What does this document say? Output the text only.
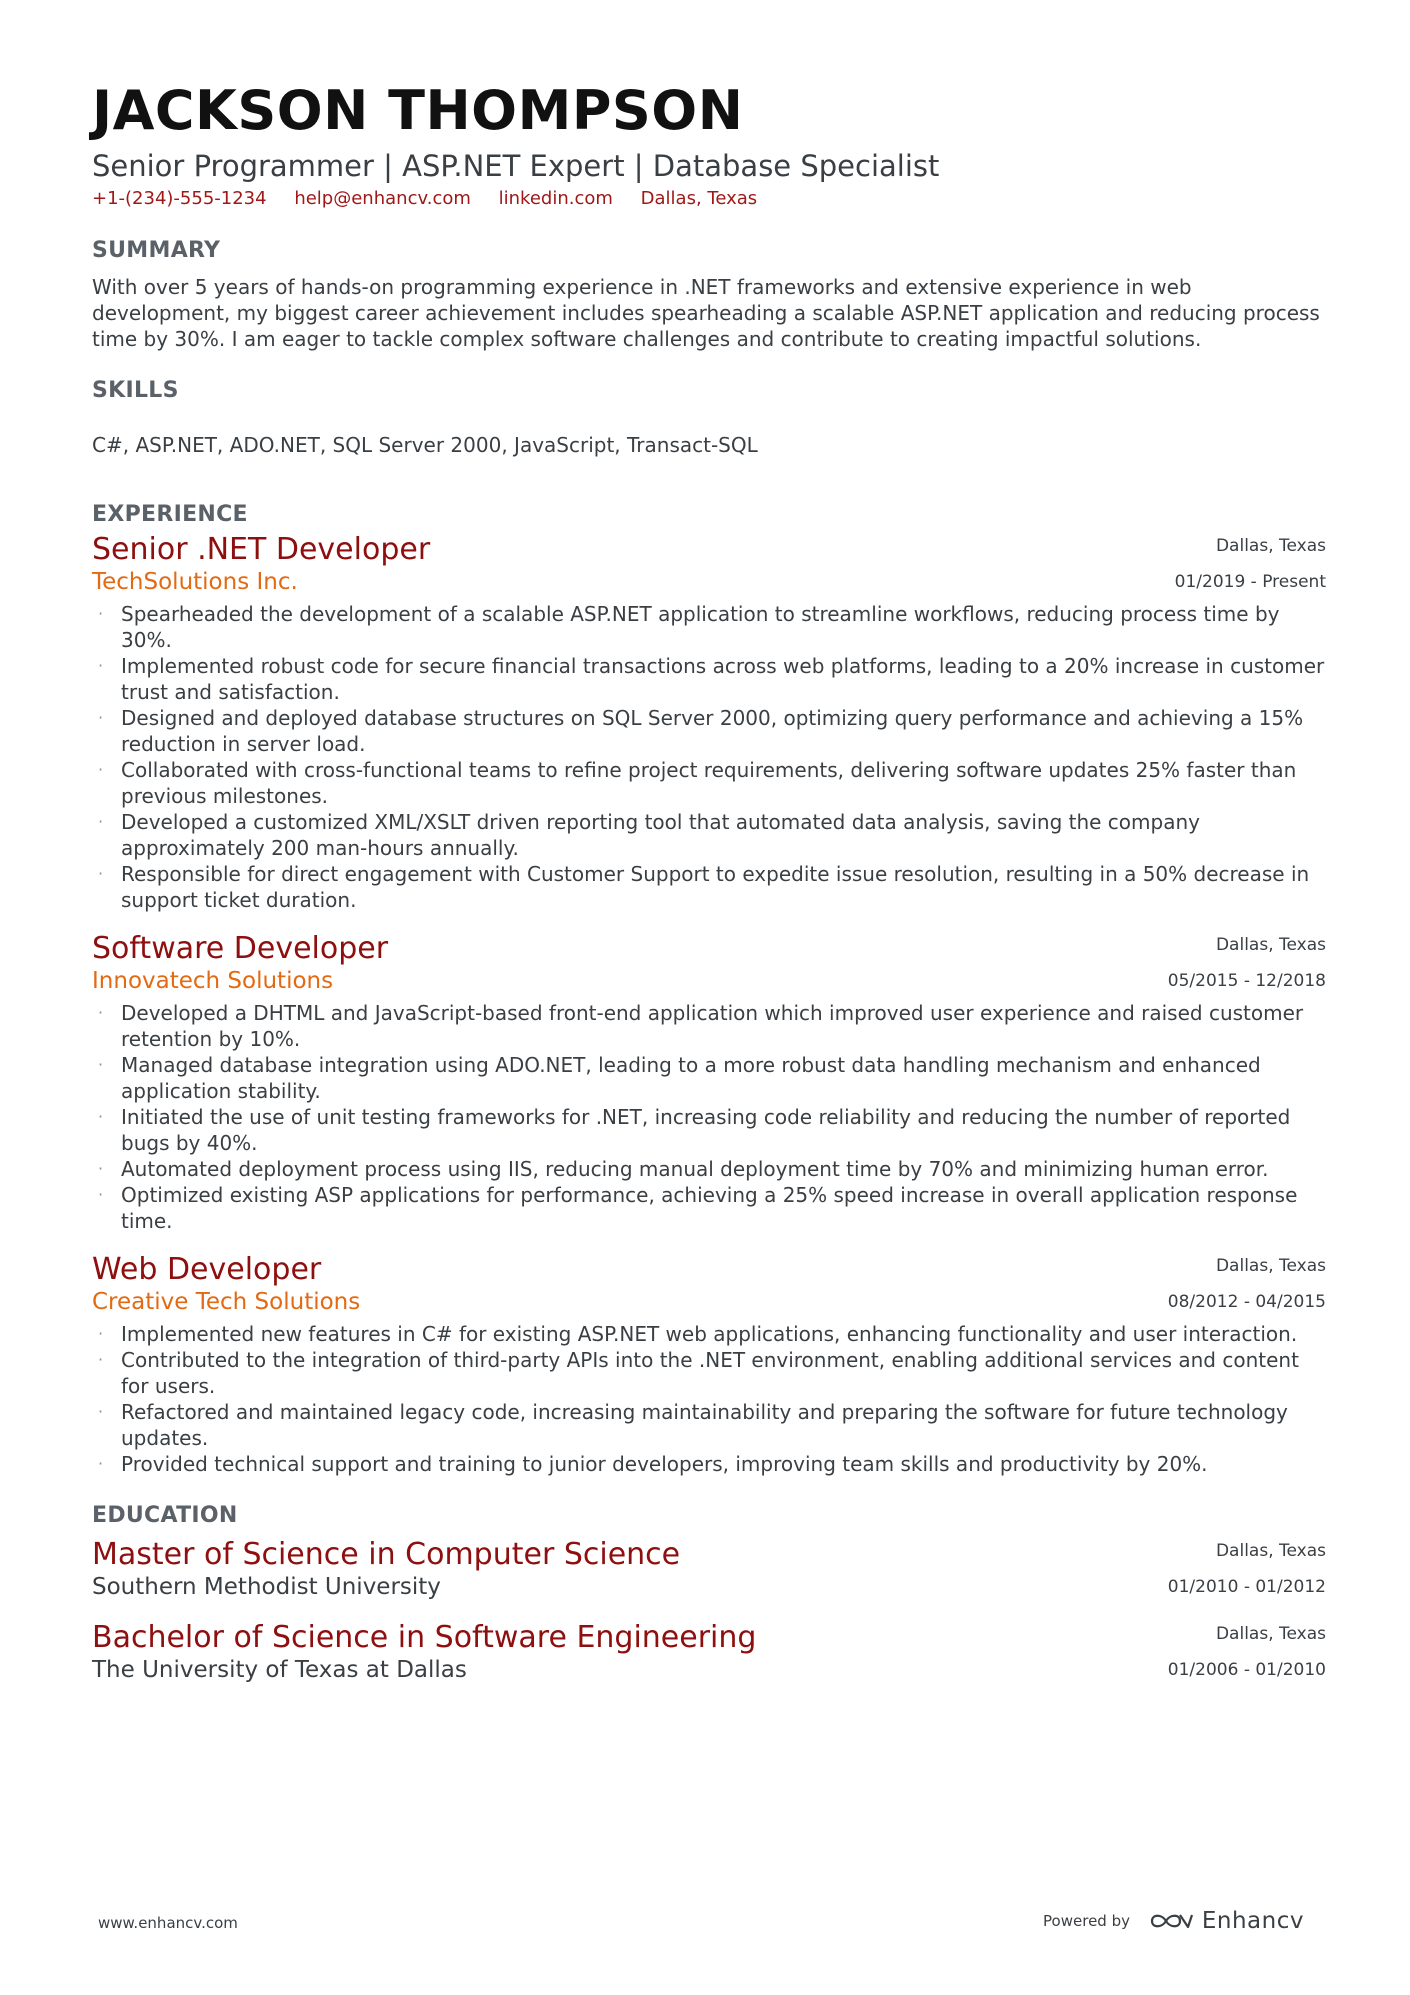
JACKSON THOMPSON
Senior Programmer | ASP.NET Expert | Database Specialist
+1-(234)-555-1234 help@enhancv.com linkedin.com Dallas, Texas
SUMMARY
With over 5 years of hands-on programming experience in .NET frameworks and extensive experience in web development, my biggest career achievement includes spearheading a scalable ASP.NET application and reducing process time by 30%. I am eager to tackle complex software challenges and contribute to creating impactful solutions.
SKILLS
C#, ASP.NET, ADO.NET, SQL Server 2000, JavaScript, Transact-SQL
EXPERIENCE
Senior .NET Developer
TechSolutions Inc.
Dallas, Texas
01/2019 - Present
· Spearheaded the development of a scalable ASP.NET application to streamline workflows, reducing process time by 30%.
· Implemented robust code for secure financial transactions across web platforms, leading to a 20% increase in customer trust and satisfaction.
· Designed and deployed database structures on SQL Server 2000, optimizing query performance and achieving a 15% reduction in server load.
· Collaborated with cross-functional teams to refine project requirements, delivering software updates 25% faster than previous milestones.
· Developed a customized XML/XSLT driven reporting tool that automated data analysis, saving the company approximately 200 man-hours annually.
· Responsible for direct engagement with Customer Support to expedite issue resolution, resulting in a 50% decrease in support ticket duration.
Software Developer
Innovatech Solutions
Dallas, Texas
05/2015 - 12/2018
· Developed a DHTML and JavaScript-based front-end application which improved user experience and raised customer retention by 10%.
· Managed database integration using ADO.NET, leading to a more robust data handling mechanism and enhanced application stability.
· Initiated the use of unit testing frameworks for .NET, increasing code reliability and reducing the number of reported bugs by 40%.
· Automated deployment process using IIS, reducing manual deployment time by 70% and minimizing human error.
· Optimized existing ASP applications for performance, achieving a 25% speed increase in overall application response time.
Web Developer
Creative Tech Solutions
Dallas, Texas
08/2012 - 04/2015
· Implemented new features in C# for existing ASP.NET web applications, enhancing functionality and user interaction.
· Contributed to the integration of third-party APIs into the .NET environment, enabling additional services and content for users.
· Refactored and maintained legacy code, increasing maintainability and preparing the software for future technology updates.
· Provided technical support and training to junior developers, improving team skills and productivity by 20%.
EDUCATION
Master of Science in Computer Science
Southern Methodist University
Dallas, Texas
01/2010 - 01/2012
Bachelor of Science in Software Engineering
The University of Texas at Dallas
Dallas, Texas
01/2006 - 01/2010
www.enhancv.com	Powered by	Enhancv
